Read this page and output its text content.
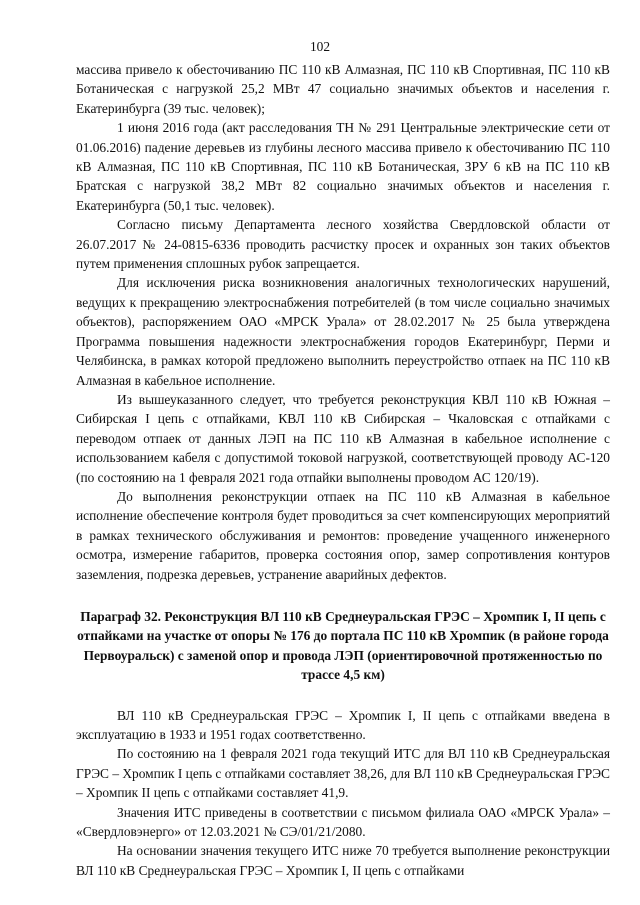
102

массива привело к обесточиванию ПС 110 кВ Алмазная, ПС 110 кВ Спортивная, ПС 110 кВ Ботаническая с нагрузкой 25,2 МВт 47 социально значимых объектов и населения г. Екатеринбурга (39 тыс. человек);

1 июня 2016 года (акт расследования ТН № 291 Центральные электрические сети от 01.06.2016) падение деревьев из глубины лесного массива привело к обесточиванию ПС 110 кВ Алмазная, ПС 110 кВ Спортивная, ПС 110 кВ Ботаническая, ЗРУ 6 кВ на ПС 110 кВ Братская с нагрузкой 38,2 МВт 82 социально значимых объектов и населения г. Екатеринбурга (50,1 тыс. человек).

Согласно письму Департамента лесного хозяйства Свердловской области от 26.07.2017 № 24-0815-6336 проводить расчистку просек и охранных зон таких объектов путем применения сплошных рубок запрещается.

Для исключения риска возникновения аналогичных технологических нарушений, ведущих к прекращению электроснабжения потребителей (в том числе социально значимых объектов), распоряжением ОАО «МРСК Урала» от 28.02.2017 № 25 была утверждена Программа повышения надежности электроснабжения городов Екатеринбург, Перми и Челябинска, в рамках которой предложено выполнить переустройство отпаек на ПС 110 кВ Алмазная в кабельное исполнение.

Из вышеуказанного следует, что требуется реконструкция КВЛ 110 кВ Южная – Сибирская I цепь с отпайками, КВЛ 110 кВ Сибирская – Чкаловская с отпайками с переводом отпаек от данных ЛЭП на ПС 110 кВ Алмазная в кабельное исполнение с использованием кабеля с допустимой токовой нагрузкой, соответствующей проводу АС-120 (по состоянию на 1 февраля 2021 года отпайки выполнены проводом АС 120/19).

До выполнения реконструкции отпаек на ПС 110 кВ Алмазная в кабельное исполнение обеспечение контроля будет проводиться за счет компенсирующих мероприятий в рамках технического обслуживания и ремонтов: проведение учащенного инженерного осмотра, измерение габаритов, проверка состояния опор, замер сопротивления контуров заземления, подрезка деревьев, устранение аварийных дефектов.

Параграф 32. Реконструкция ВЛ 110 кВ Среднеуральская ГРЭС – Хромпик I, II цепь с отпайками на участке от опоры № 176 до портала ПС 110 кВ Хромпик (в районе города Первоуральск) с заменой опор и провода ЛЭП (ориентировочной протяженностью по трассе 4,5 км)

ВЛ 110 кВ Среднеуральская ГРЭС – Хромпик I, II цепь с отпайками введена в эксплуатацию в 1933 и 1951 годах соответственно.

По состоянию на 1 февраля 2021 года текущий ИТС для ВЛ 110 кВ Среднеуральская ГРЭС – Хромпик I цепь с отпайками составляет 38,26, для ВЛ 110 кВ Среднеуральская ГРЭС – Хромпик II цепь с отпайками составляет 41,9.

Значения ИТС приведены в соответствии с письмом филиала ОАО «МРСК Урала» – «Свердловэнерго» от 12.03.2021 № СЭ/01/21/2080.

На основании значения текущего ИТС ниже 70 требуется выполнение реконструкции ВЛ 110 кВ Среднеуральская ГРЭС – Хромпик I, II цепь с отпайками
